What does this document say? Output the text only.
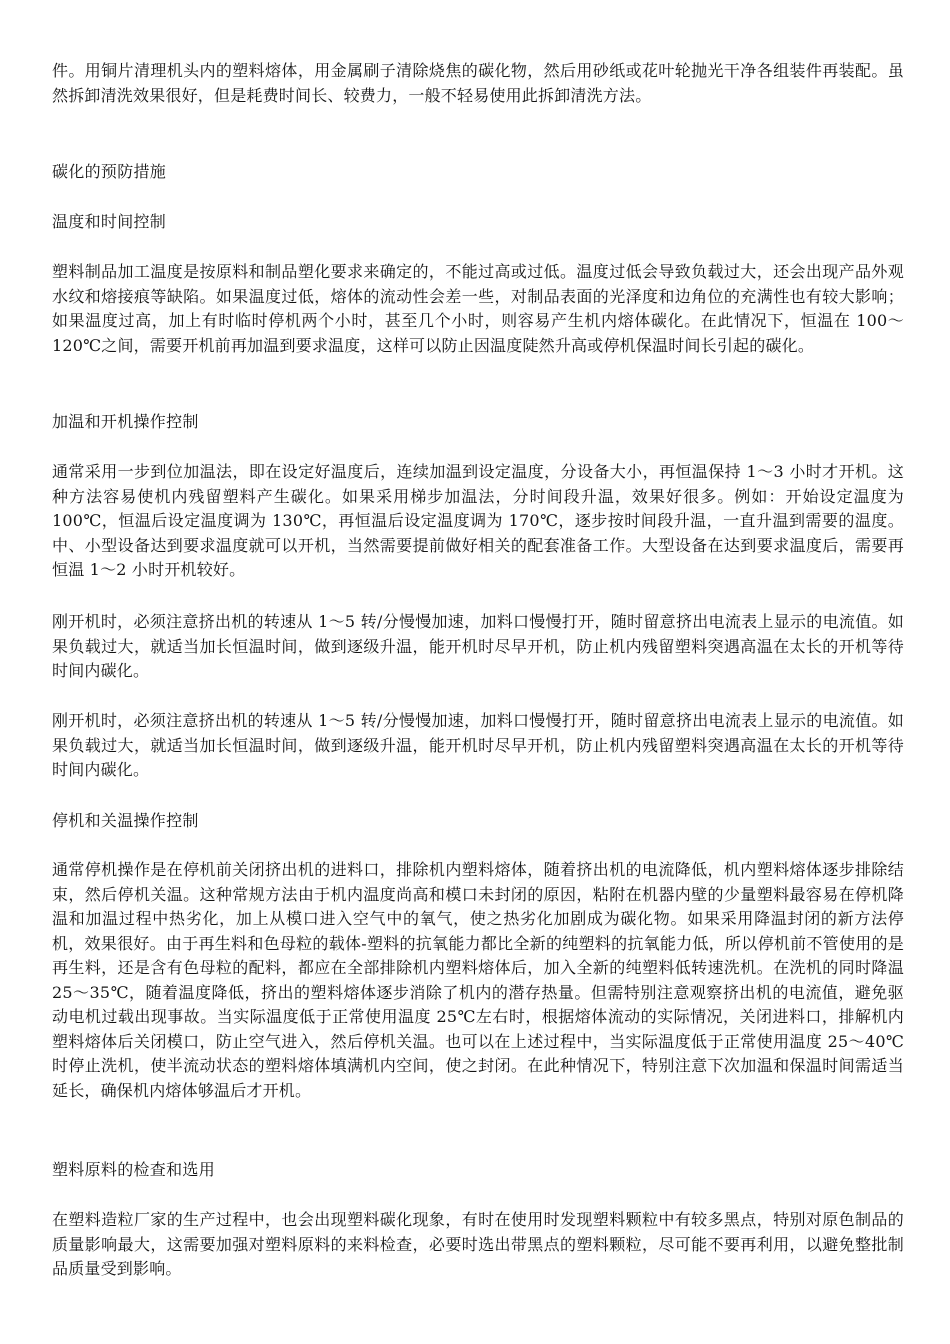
件。用铜片清理机头内的塑料熔体，用金属刷子清除烧焦的碳化物，然后用砂纸或花叶轮抛光干净各组装件再装配。虽然拆卸清洗效果很好，但是耗费时间长、较费力，一般不轻易使用此拆卸清洗方法。

碳化的预防措施

温度和时间控制

塑料制品加工温度是按原料和制品塑化要求来确定的，不能过高或过低。温度过低会导致负载过大，还会出现产品外观水纹和熔接痕等缺陷。如果温度过低，熔体的流动性会差一些，对制品表面的光泽度和边角位的充满性也有较大影响；如果温度过高，加上有时临时停机两个小时，甚至几个小时，则容易产生机内熔体碳化。在此情况下，恒温在 100～120℃之间，需要开机前再加温到要求温度，这样可以防止因温度陡然升高或停机保温时间长引起的碳化。

加温和开机操作控制

通常采用一步到位加温法，即在设定好温度后，连续加温到设定温度，分设备大小，再恒温保持 1～3 小时才开机。这种方法容易使机内残留塑料产生碳化。如果采用梯步加温法，分时间段升温，效果好很多。例如：开始设定温度为 100℃，恒温后设定温度调为 130℃，再恒温后设定温度调为 170℃，逐步按时间段升温，一直升温到需要的温度。中、小型设备达到要求温度就可以开机，当然需要提前做好相关的配套准备工作。大型设备在达到要求温度后，需要再恒温 1～2 小时开机较好。

刚开机时，必须注意挤出机的转速从 1～5 转/分慢慢加速，加料口慢慢打开，随时留意挤出电流表上显示的电流值。如果负载过大，就适当加长恒温时间，做到逐级升温，能开机时尽早开机，防止机内残留塑料突遇高温在太长的开机等待时间内碳化。

刚开机时，必须注意挤出机的转速从 1～5 转/分慢慢加速，加料口慢慢打开，随时留意挤出电流表上显示的电流值。如果负载过大，就适当加长恒温时间，做到逐级升温，能开机时尽早开机，防止机内残留塑料突遇高温在太长的开机等待时间内碳化。

停机和关温操作控制

通常停机操作是在停机前关闭挤出机的进料口，排除机内塑料熔体，随着挤出机的电流降低，机内塑料熔体逐步排除结束，然后停机关温。这种常规方法由于机内温度尚高和模口未封闭的原因，粘附在机器内壁的少量塑料最容易在停机降温和加温过程中热劣化，加上从模口进入空气中的氧气，使之热劣化加剧成为碳化物。如果采用降温封闭的新方法停机，效果很好。由于再生料和色母粒的载体-塑料的抗氧能力都比全新的纯塑料的抗氧能力低，所以停机前不管使用的是再生料，还是含有色母粒的配料，都应在全部排除机内塑料熔体后，加入全新的纯塑料低转速洗机。在洗机的同时降温 25～35℃，随着温度降低，挤出的塑料熔体逐步消除了机内的潜存热量。但需特别注意观察挤出机的电流值，避免驱动电机过载出现事故。当实际温度低于正常使用温度 25℃左右时，根据熔体流动的实际情况，关闭进料口，排解机内塑料熔体后关闭模口，防止空气进入，然后停机关温。也可以在上述过程中，当实际温度低于正常使用温度 25～40℃时停止洗机，使半流动状态的塑料熔体填满机内空间，使之封闭。在此种情况下，特别注意下次加温和保温时间需适当延长，确保机内熔体够温后才开机。

塑料原料的检查和选用

在塑料造粒厂家的生产过程中，也会出现塑料碳化现象，有时在使用时发现塑料颗粒中有较多黑点，特别对原色制品的质量影响最大，这需要加强对塑料原料的来料检查，必要时选出带黑点的塑料颗粒，尽可能不要再利用，以避免整批制品质量受到影响。
